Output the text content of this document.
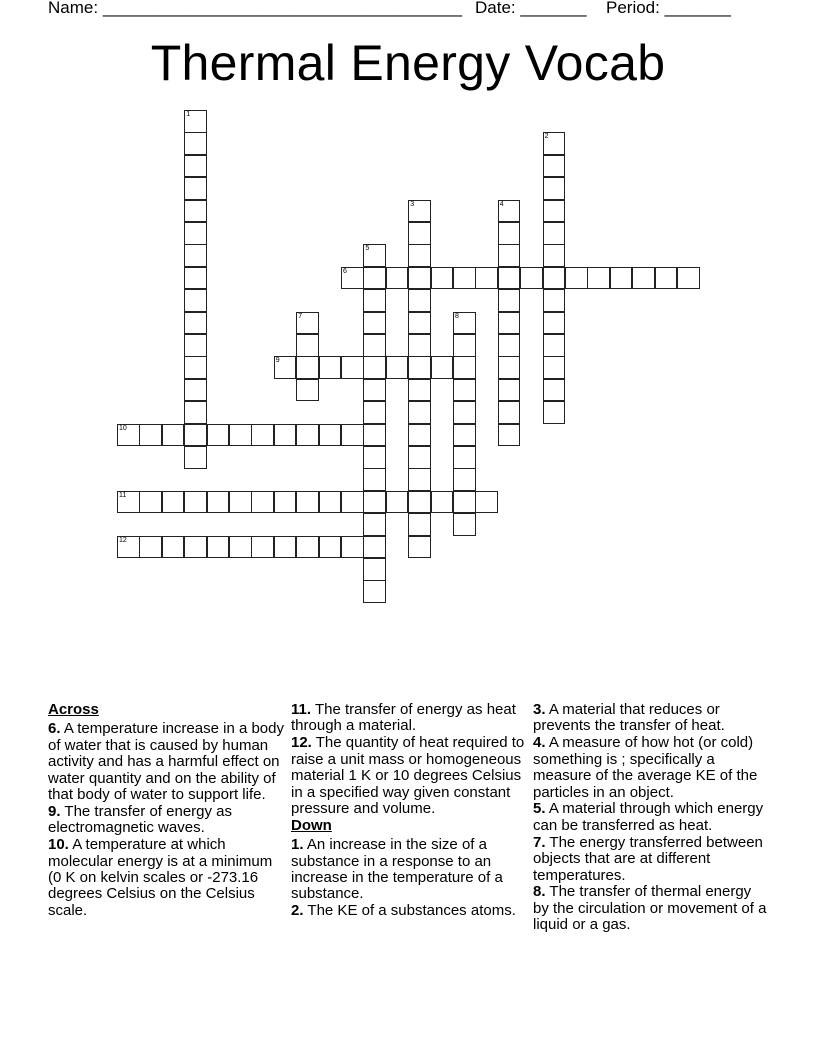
Name: ______________________________________ Date: _______ Period: _______
Thermal Energy Vocab
1
2
3	4
5
6
7	8
9
10
11
12
Across
6. A temperature increase in a body of water that is caused by human activity and has a harmful effect on water quantity and on the ability of that body of water to support life.
9. The transfer of energy as electromagnetic waves.
10. A temperature at which molecular energy is at a minimum (0 K on kelvin scales or -273.16 degrees Celsius on the Celsius scale.
11. The transfer of energy as heat through a material.
12. The quantity of heat required to raise a unit mass or homogeneous material 1 K or 10 degrees Celsius in a specified way given constant pressure and volume.
Down
1. An increase in the size of a substance in a response to an increase in the temperature of a substance.
2. The KE of a substances atoms.
3. A material that reduces or prevents the transfer of heat.
4. A measure of how hot (or cold) something is ; specifically a measure of the average KE of the particles in an object.
5. A material through which energy can be transferred as heat.
7. The energy transferred between objects that are at different temperatures.
8. The transfer of thermal energy by the circulation or movement of a liquid or a gas.
